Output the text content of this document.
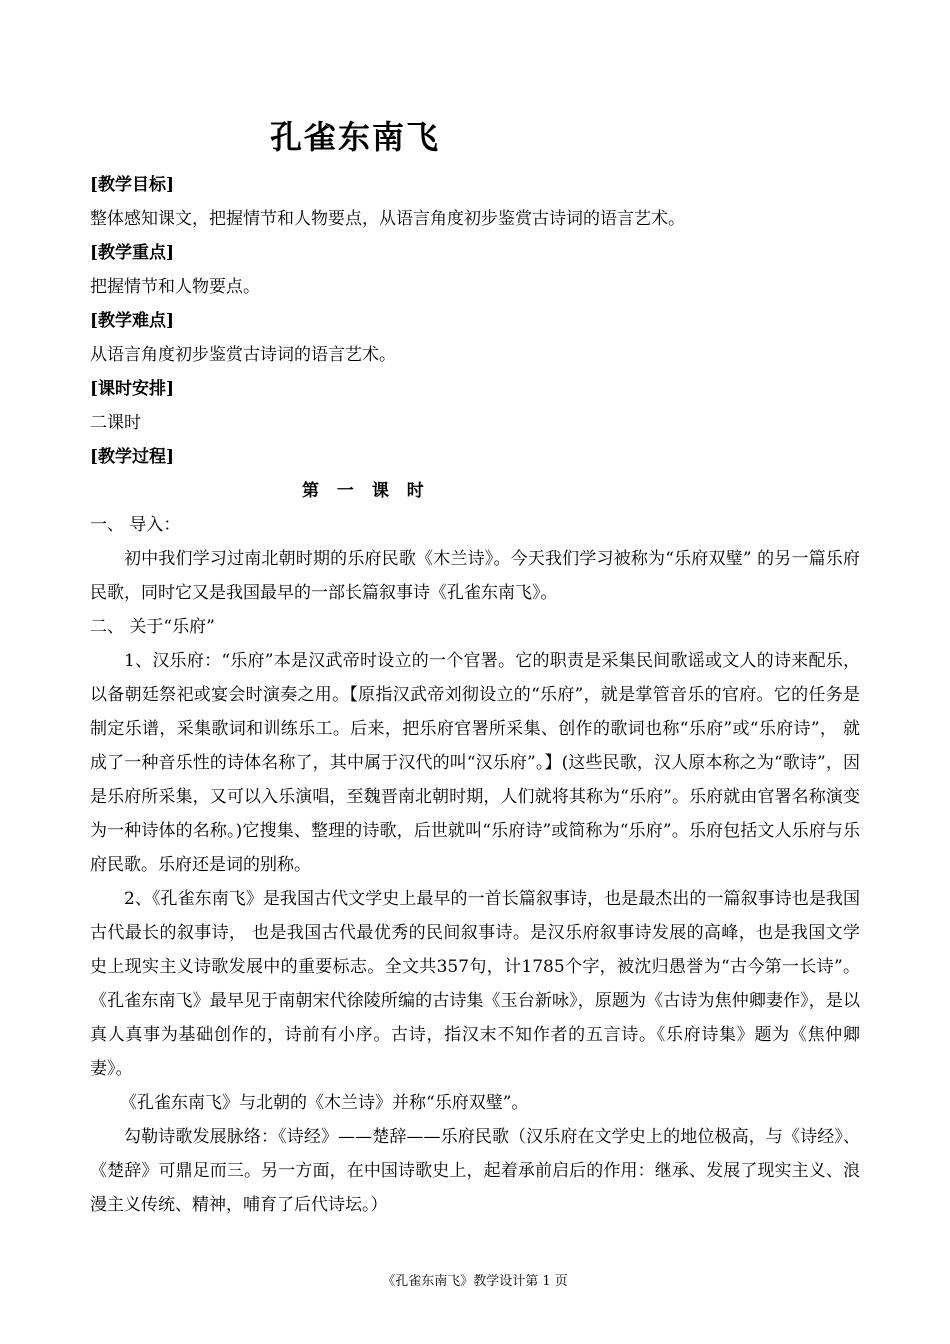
孔雀东南飞
[教学目标]
整体感知课文，把握情节和人物要点，从语言角度初步鉴赏古诗词的语言艺术。
[教学重点]
把握情节和人物要点。
[教学难点]
从语言角度初步鉴赏古诗词的语言艺术。
[课时安排]
二课时
[教学过程]
第 一 课 时
一、 导入：
初中我们学习过南北朝时期的乐府民歌《木兰诗》。今天我们学习被称为“乐府双璧” 的另一篇乐府民歌，同时它又是我国最早的一部长篇叙事诗《孔雀东南飞》。
二、 关于“乐府”
1、汉乐府：“乐府”本是汉武帝时设立的一个官署。它的职责是采集民间歌谣或文人的诗来配乐，以备朝廷祭祀或宴会时演奏之用。【原指汉武帝刘彻设立的“乐府”，就是掌管音乐的官府。它的任务是制定乐谱，采集歌词和训练乐工。后来，把乐府官署所采集、创作的歌词也称“乐府”或“乐府诗”， 就成了一种音乐性的诗体名称了，其中属于汉代的叫“汉乐府”。】(这些民歌，汉人原本称之为“歌诗”，因是乐府所采集，又可以入乐演唱，至魏晋南北朝时期，人们就将其称为“乐府”。乐府就由官署名称演变为一种诗体的名称。)它搜集、整理的诗歌，后世就叫“乐府诗”或简称为“乐府”。乐府包括文人乐府与乐府民歌。乐府还是词的别称。
2、《孔雀东南飞》是我国古代文学史上最早的一首长篇叙事诗，也是最杰出的一篇叙事诗也是我国古代最长的叙事诗， 也是我国古代最优秀的民间叙事诗。是汉乐府叙事诗发展的高峰，也是我国文学史上现实主义诗歌发展中的重要标志。全文共357句，计1785个字，被沈归愚誉为“古今第一长诗”。《孔雀东南飞》最早见于南朝宋代徐陵所编的古诗集《玉台新咏》，原题为《古诗为焦仲卿妻作》，是以真人真事为基础创作的，诗前有小序。古诗，指汉末不知作者的五言诗。《乐府诗集》题为《焦仲卿妻》。
《孔雀东南飞》与北朝的《木兰诗》并称“乐府双璧”。
勾勒诗歌发展脉络：《诗经》——楚辞——乐府民歌（汉乐府在文学史上的地位极高，与《诗经》、《楚辞》可鼎足而三。另一方面，在中国诗歌史上，起着承前启后的作用：继承、发展了现实主义、浪漫主义传统、精神，哺育了后代诗坛。）
《孔雀东南飞》教学设计第 1 页
